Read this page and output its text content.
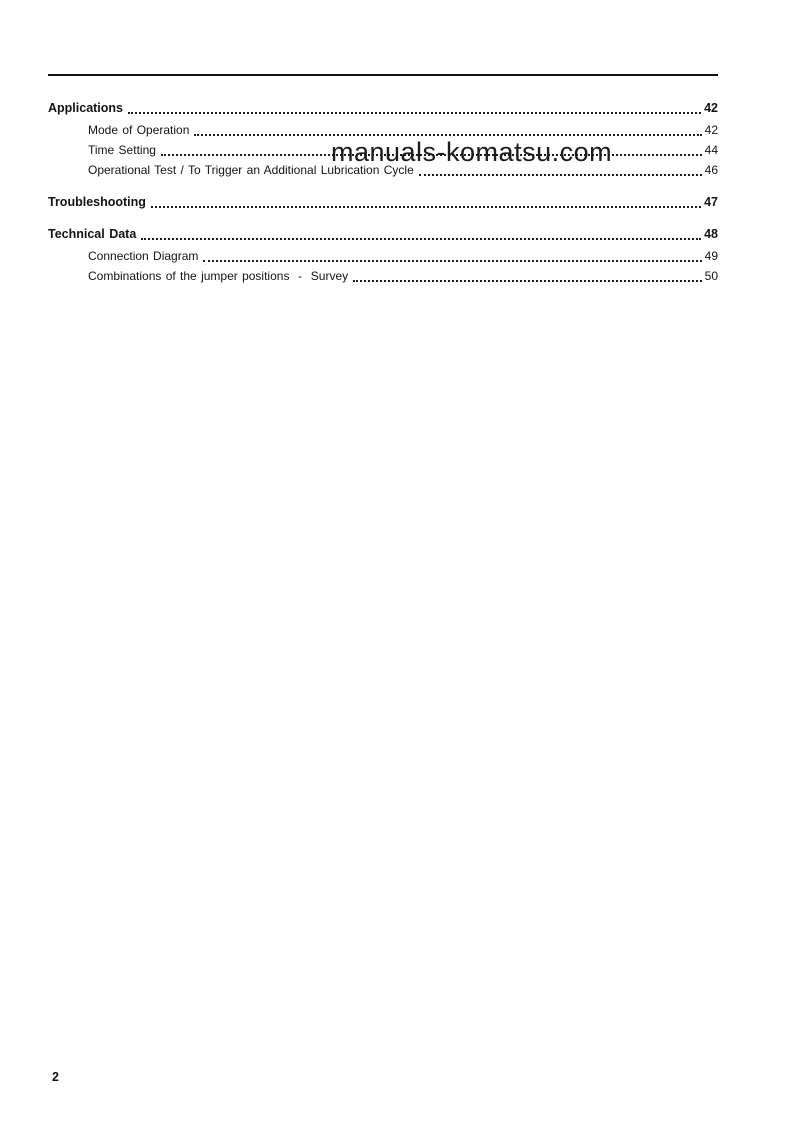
Applications	42
Mode of Operation	42
Time Setting	44
Operational Test / To Trigger an Additional Lubrication Cycle	46
Troubleshooting	47
Technical Data	48
Connection Diagram	49
Combinations of the jumper positions  -  Survey	50
manuals-komatsu.com
2
